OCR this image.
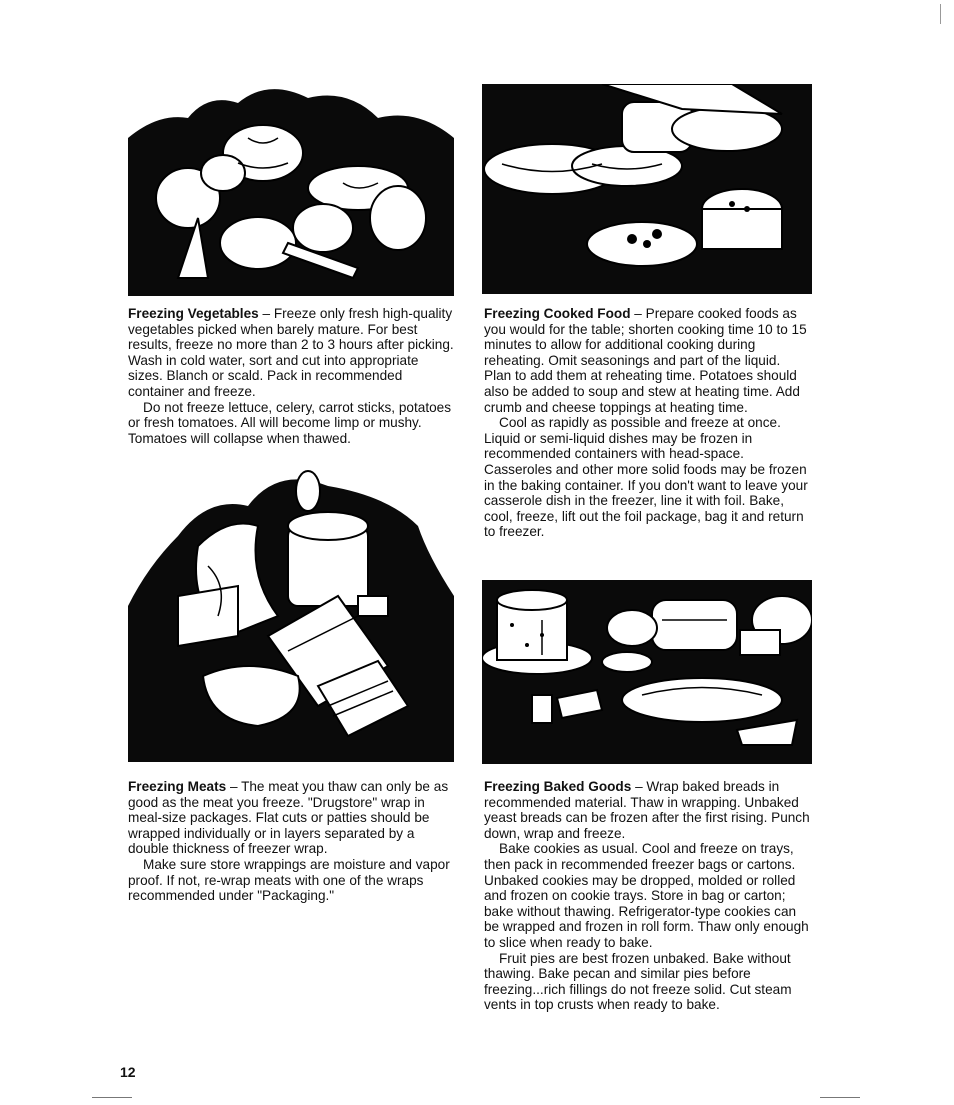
Freezing Vegetables – Freeze only fresh high-quality vegetables picked when barely mature. For best results, freeze no more than 2 to 3 hours after picking. Wash in cold water, sort and cut into appropriate sizes. Blanch or scald. Pack in recommended container and freeze.

Do not freeze lettuce, celery, carrot sticks, potatoes or fresh tomatoes. All will become limp or mushy. Tomatoes will collapse when thawed.

Freezing Cooked Food – Prepare cooked foods as you would for the table; shorten cooking time 10 to 15 minutes to allow for additional cooking during reheating. Omit seasonings and part of the liquid. Plan to add them at reheating time. Potatoes should also be added to soup and stew at heating time. Add crumb and cheese toppings at heating time.

Cool as rapidly as possible and freeze at once. Liquid or semi-liquid dishes may be frozen in recommended containers with head-space. Casseroles and other more solid foods may be frozen in the baking container. If you don't want to leave your casserole dish in the freezer, line it with foil. Bake, cool, freeze, lift out the foil package, bag it and return to freezer.

Freezing Meats – The meat you thaw can only be as good as the meat you freeze. "Drugstore" wrap in meal-size packages. Flat cuts or patties should be wrapped individually or in layers separated by a double thickness of freezer wrap.

Make sure store wrappings are moisture and vapor proof. If not, re-wrap meats with one of the wraps recommended under "Packaging."

Freezing Baked Goods – Wrap baked breads in recommended material. Thaw in wrapping. Unbaked yeast breads can be frozen after the first rising. Punch down, wrap and freeze.

Bake cookies as usual. Cool and freeze on trays, then pack in recommended freezer bags or cartons. Unbaked cookies may be dropped, molded or rolled and frozen on cookie trays. Store in bag or carton; bake without thawing. Refrigerator-type cookies can be wrapped and frozen in roll form. Thaw only enough to slice when ready to bake.

Fruit pies are best frozen unbaked. Bake without thawing. Bake pecan and similar pies before freezing...rich fillings do not freeze solid. Cut steam vents in top crusts when ready to bake.

12
